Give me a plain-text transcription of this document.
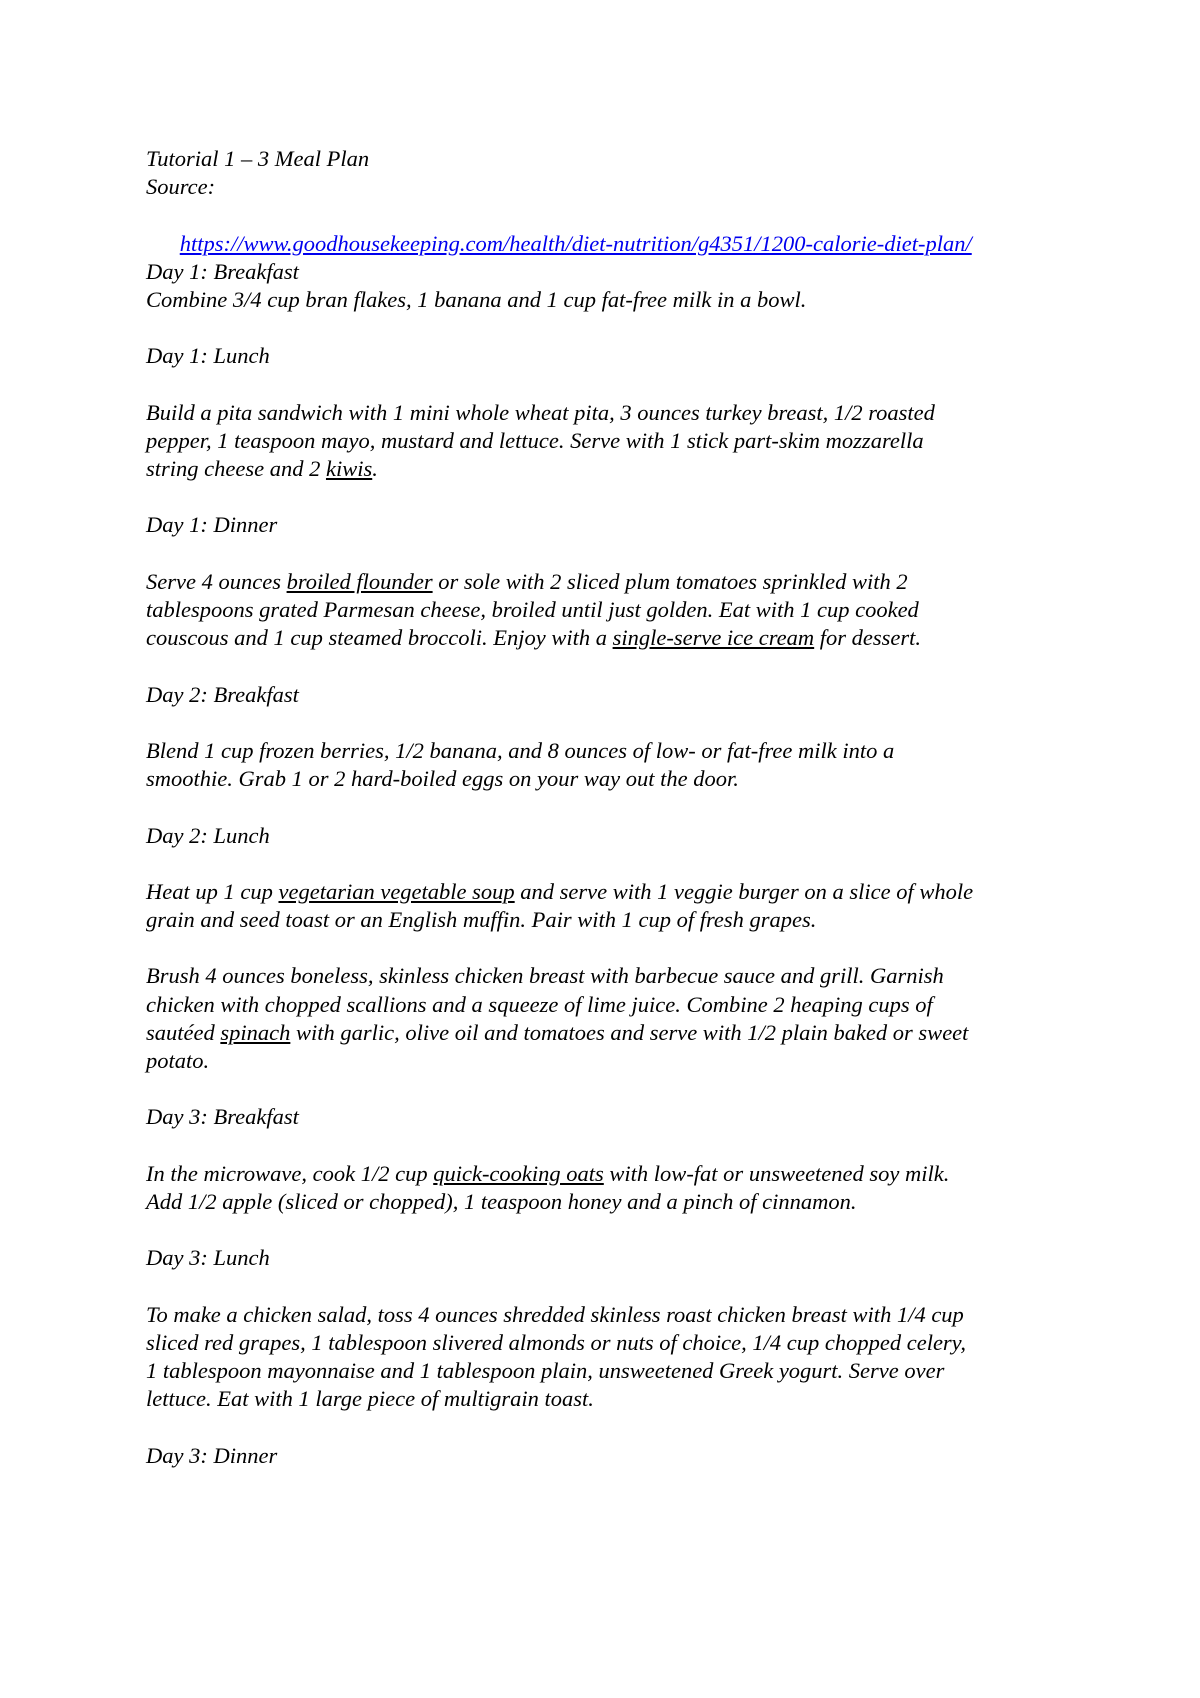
Tutorial 1 – 3 Meal Plan
Source:

https://www.goodhousekeeping.com/health/diet-nutrition/g4351/1200-calorie-diet-plan/

Day 1: Breakfast
Combine 3/4 cup bran flakes, 1 banana and 1 cup fat-free milk in a bowl.
Day 1: Lunch
Build a pita sandwich with 1 mini whole wheat pita, 3 ounces turkey breast, 1/2 roasted
pepper, 1 teaspoon mayo, mustard and lettuce. Serve with 1 stick part-skim mozzarella
string cheese and 2 kiwis.
Day 1: Dinner
Serve 4 ounces broiled flounder or sole with 2 sliced plum tomatoes sprinkled with 2
tablespoons grated Parmesan cheese, broiled until just golden. Eat with 1 cup cooked
couscous and 1 cup steamed broccoli. Enjoy with a single-serve ice cream for dessert.
Day 2: Breakfast
Blend 1 cup frozen berries, 1/2 banana, and 8 ounces of low- or fat-free milk into a
smoothie. Grab 1 or 2 hard-boiled eggs on your way out the door.
Day 2: Lunch
Heat up 1 cup vegetarian vegetable soup and serve with 1 veggie burger on a slice of whole
grain and seed toast or an English muffin. Pair with 1 cup of fresh grapes.
Brush 4 ounces boneless, skinless chicken breast with barbecue sauce and grill. Garnish
chicken with chopped scallions and a squeeze of lime juice. Combine 2 heaping cups of
sautéed spinach with garlic, olive oil and tomatoes and serve with 1/2 plain baked or sweet
potato.
Day 3: Breakfast
In the microwave, cook 1/2 cup quick-cooking oats with low-fat or unsweetened soy milk.
Add 1/2 apple (sliced or chopped), 1 teaspoon honey and a pinch of cinnamon.
Day 3: Lunch
To make a chicken salad, toss 4 ounces shredded skinless roast chicken breast with 1/4 cup
sliced red grapes, 1 tablespoon slivered almonds or nuts of choice, 1/4 cup chopped celery,
1 tablespoon mayonnaise and 1 tablespoon plain, unsweetened Greek yogurt. Serve over
lettuce. Eat with 1 large piece of multigrain toast.
Day 3: Dinner
